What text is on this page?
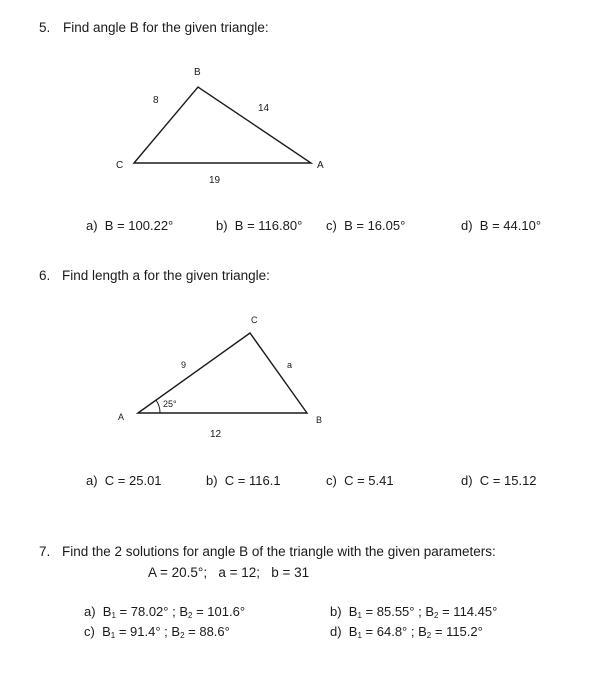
5. Find angle B for the given triangle:
B
C	A
8
14
19
C
A	B
9	a
12
25°
a) B = 100.22°	b) B = 116.80° c) B = 16.05°	d) B = 44.10°
6. Find length a for the given triangle:
a) C = 25.01	b) C = 116.1	c) C = 5.41	d) C = 15.12
7. Find the 2 solutions for angle B of the triangle with the given parameters:
A = 20.5°;   a = 12;   b = 31
a) $B_1 = 78.02^\circ$ ; $B_2 = 101.6^\circ$	b) $B_1 = 85.55^\circ$ ; $B_2 = 114.45^\circ$
c) $B_1 = 91.4^\circ$ ; $B_2 = 88.6^\circ$	d) $B_1 = 64.8^\circ$ ; $B_2 = 115.2^\circ$
